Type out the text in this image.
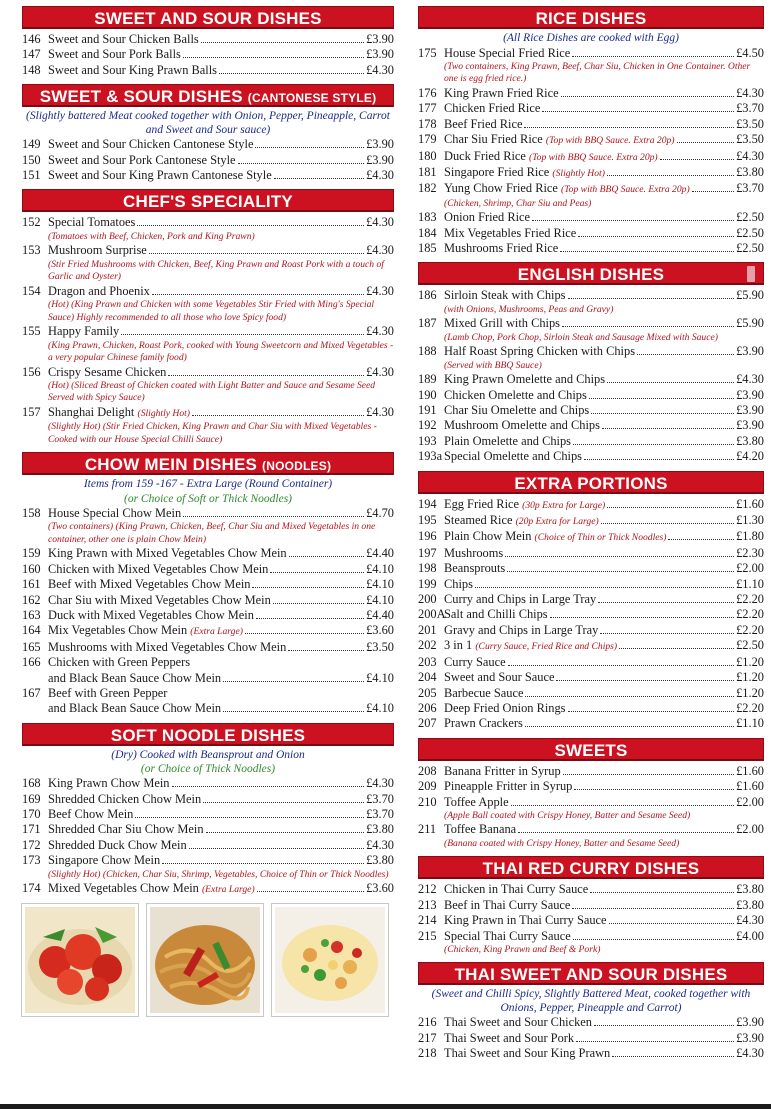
SWEET AND SOUR DISHES
146 Sweet and Sour Chicken Balls	£3.90
147 Sweet and Sour Pork Balls	£3.90
148 Sweet and Sour King Prawn Balls	£4.30
SWEET & SOUR DISHES (CANTONESE STYLE)
(Slightly battered Meat cooked together with Onion, Pepper, Pineapple, Carrot and Sweet and Sour sauce)
149 Sweet and Sour Chicken Cantonese Style	£3.90
150 Sweet and Sour Pork Cantonese Style	£3.90
151 Sweet and Sour King Prawn Cantonese Style	£4.30
CHEF'S SPECIALITY
152 Special Tomatoes	£4.30
(Tomatoes with Beef, Chicken, Pork and King Prawn)
153 Mushroom Surprise	£4.30
(Stir Fried Mushrooms with Chicken, Beef, King Prawn and Roast Pork with a touch of Garlic and Oyster)
154 Dragon and Phoenix	£4.30
(Hot) (King Prawn and Chicken with some Vegetables Stir Fried with Ming's Special Sauce) Highly recommended to all those who love Spicy food)
155 Happy Family	£4.30
(King Prawn, Chicken, Roast Pork, cooked with Young Sweetcorn and Mixed Vegetables - a very popular Chinese family food)
156 Crispy Sesame Chicken	£4.30
(Hot) (Sliced Breast of Chicken coated with Light Batter and Sauce and Sesame Seed Served with Spicy Sauce)
157 Shanghai Delight (Slightly Hot)	£4.30
(Slightly Hot) (Stir Fried Chicken, King Prawn and Char Siu with Mixed Vegetables - Cooked with our House Special Chilli Sauce)
CHOW MEIN DISHES (NOODLES)
Items from 159 -167 - Extra Large (Round Container)
(or Choice of Soft or Thick Noodles)
158 House Special Chow Mein	£4.70
(Two containers) (King Prawn, Chicken, Beef, Char Siu and Mixed Vegetables in one container, other one is plain Chow Mein)
159 King Prawn with Mixed Vegetables Chow Mein	£4.40
160 Chicken with Mixed Vegetables Chow Mein	£4.10
161 Beef with Mixed Vegetables Chow Mein	£4.10
162 Char Siu with Mixed Vegetables Chow Mein	£4.10
163 Duck with Mixed Vegetables Chow Mein	£4.40
164 Mix Vegetables Chow Mein (Extra Large)	£3.60
165 Mushrooms with Mixed Vegetables Chow Mein	£3.50
166 Chicken with Green Peppers
and Black Bean Sauce Chow Mein	£4.10
167 Beef with Green Pepper
and Black Bean Sauce Chow Mein	£4.10
SOFT NOODLE DISHES
(Dry) Cooked with Beansprout and Onion
(or Choice of Thick Noodles)
168 King Prawn Chow Mein	£4.30
169 Shredded Chicken Chow Mein	£3.70
170 Beef Chow Mein	£3.70
171 Shredded Char Siu Chow Mein	£3.80
172 Shredded Duck Chow Mein	£4.30
173 Singapore Chow Mein	£3.80
(Slightly Hot) (Chicken, Char Siu, Shrimp, Vegetables, Choice of Thin or Thick Noodles)
174 Mixed Vegetables Chow Mein (Extra Large)	£3.60
RICE DISHES
(All Rice Dishes are cooked with Egg)
175 House Special Fried Rice	£4.50
(Two containers, King Prawn, Beef, Char Siu, Chicken in One Container. Other one is egg fried rice.)
176 King Prawn Fried Rice	£4.30
177 Chicken Fried Rice	£3.70
178 Beef Fried Rice	£3.50
179 Char Siu Fried Rice (Top with BBQ Sauce. Extra 20p)	£3.50
180 Duck Fried Rice (Top with BBQ Sauce. Extra 20p)	£4.30
181 Singapore Fried Rice (Slightly Hot)	£3.80
182 Yung Chow Fried Rice (Top with BBQ Sauce. Extra 20p)	£3.70
(Chicken, Shrimp, Char Siu and Peas)
183 Onion Fried Rice	£2.50
184 Mix Vegetables Fried Rice	£2.50
185 Mushrooms Fried Rice	£2.50
ENGLISH DISHES
186 Sirloin Steak with Chips	£5.90
(with Onions, Mushrooms, Peas and Gravy)
187 Mixed Grill with Chips	£5.90
(Lamb Chop, Pork Chop, Sirloin Steak and Sausage Mixed with Sauce)
188 Half Roast Spring Chicken with Chips	£3.90
(Served with BBQ Sauce)
189 King Prawn Omelette and Chips	£4.30
190 Chicken Omelette and Chips	£3.90
191 Char Siu Omelette and Chips	£3.90
192 Mushroom Omelette and Chips	£3.90
193 Plain Omelette and Chips	£3.80
193a Special Omelette and Chips	£4.20
EXTRA PORTIONS
194 Egg Fried Rice (30p Extra for Large)	£1.60
195 Steamed Rice (20p Extra for Large)	£1.30
196 Plain Chow Mein (Choice of Thin or Thick Noodles)	£1.80
197 Mushrooms	£2.30
198 Beansprouts	£2.00
199 Chips	£1.10
200 Curry and Chips in Large Tray	£2.20
200A
Salt and Chilli Chips	£2.20
201 Gravy and Chips in Large Tray	£2.20
202 3 in 1 (Curry Sauce, Fried Rice and Chips)	£2.50
203 Curry Sauce	£1.20
204 Sweet and Sour Sauce	£1.20
205 Barbecue Sauce	£1.20
206 Deep Fried Onion Rings	£2.20
207 Prawn Crackers	£1.10
SWEETS
208 Banana Fritter in Syrup	£1.60
209 Pineapple Fritter in Syrup	£1.60
210 Toffee Apple	£2.00
(Apple Ball coated with Crispy Honey, Batter and Sesame Seed)
211 Toffee Banana	£2.00
(Banana coated with Crispy Honey, Batter and Sesame Seed)
THAI RED CURRY DISHES
212 Chicken in Thai Curry Sauce	£3.80
213 Beef in Thai Curry Sauce	£3.80
214 King Prawn in Thai Curry Sauce	£4.30
215 Special Thai Curry Sauce	£4.00
(Chicken, King Prawn and Beef & Pork)
THAI SWEET AND SOUR DISHES
(Sweet and Chilli Spicy, Slightly Battered Meat, cooked together with Onions, Pepper, Pineapple and Carrot)
216 Thai Sweet and Sour Chicken	£3.90
217 Thai Sweet and Sour Pork	£3.90
218 Thai Sweet and Sour King Prawn	£4.30
